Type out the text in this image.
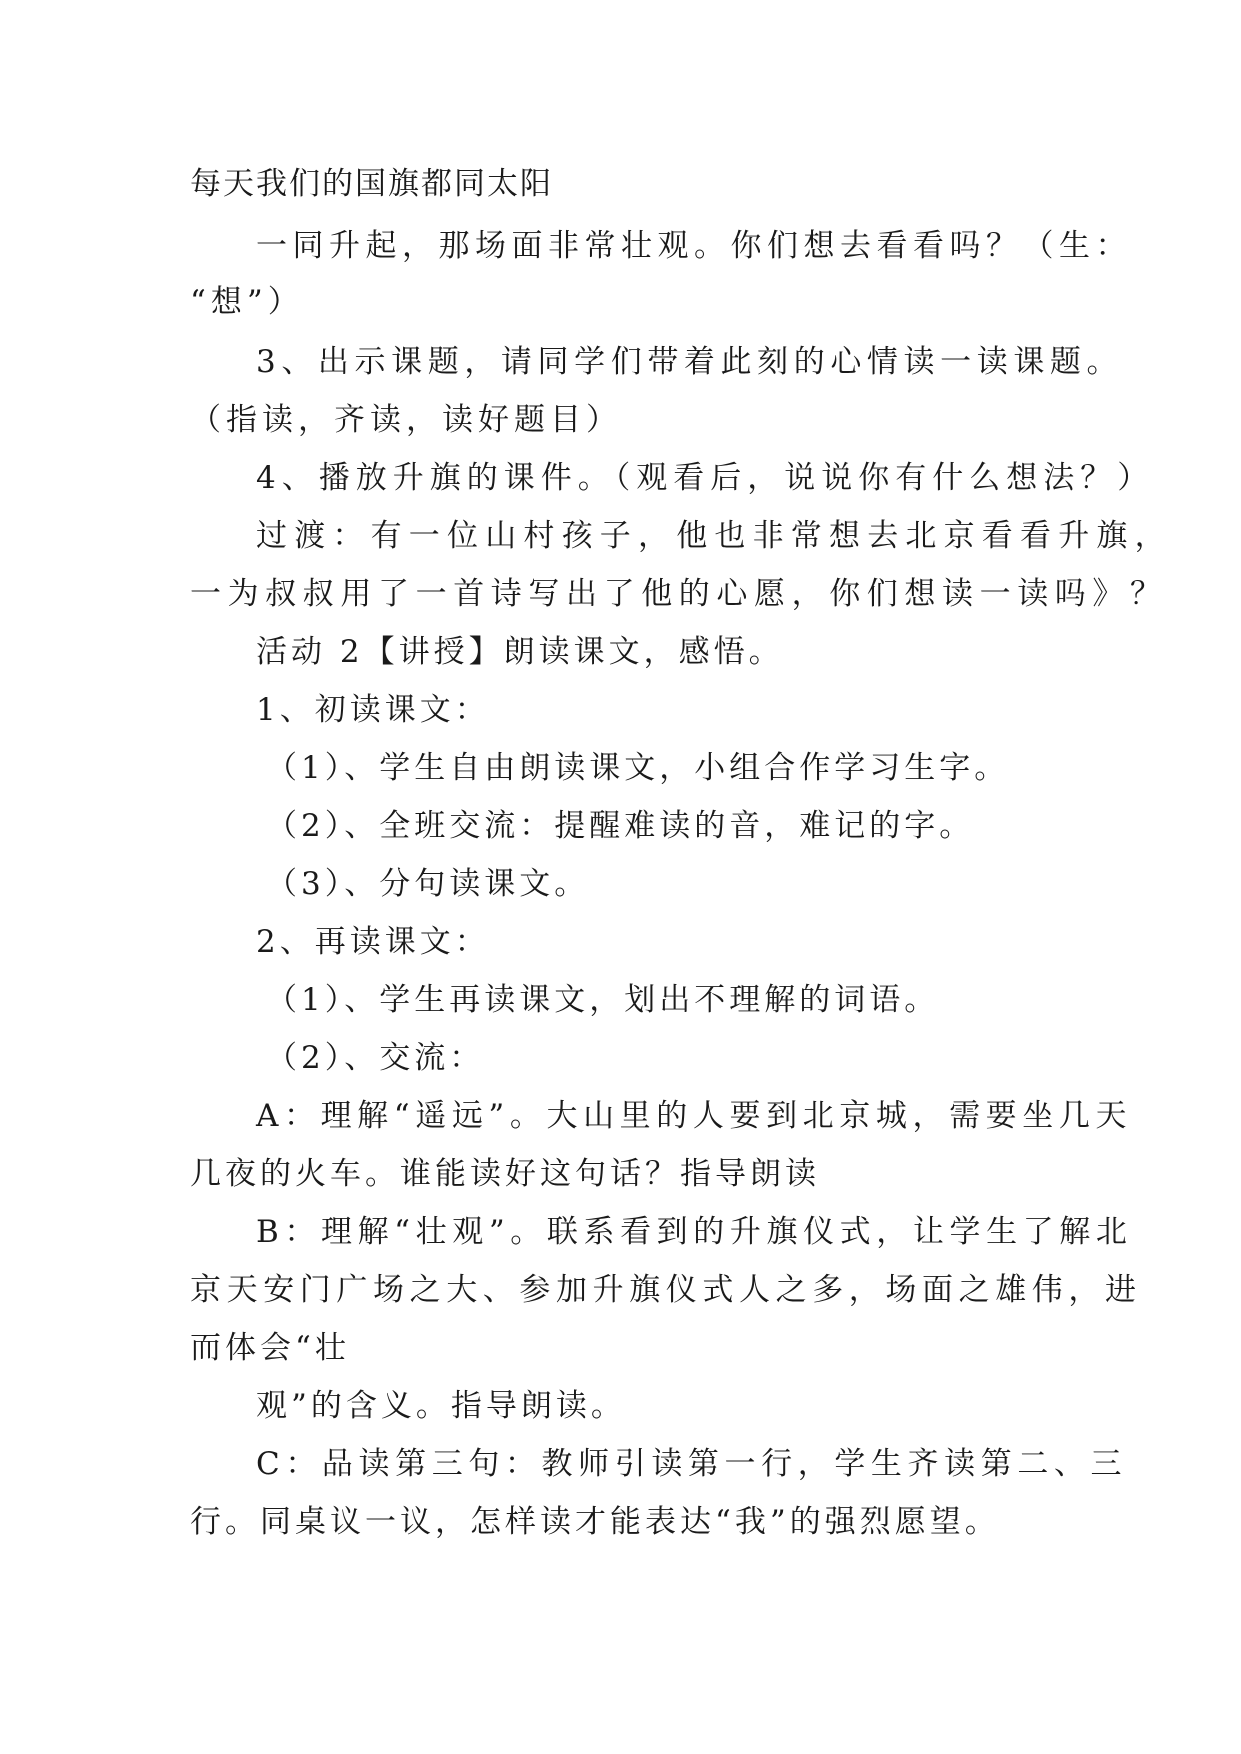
每天我们的国旗都同太阳
一同升起，那场面非常壮观。你们想去看看吗？（生：
“想”）
3、出示课题，请同学们带着此刻的心情读一读课题。
（指读，齐读，读好题目）
4、播放升旗的课件。（观看后，说说你有什么想法？）
过渡：有一位山村孩子，他也非常想去北京看看升旗，
一为叔叔用了一首诗写出了他的心愿，你们想读一读吗》？
活动 2【讲授】朗读课文，感悟。
1、初读课文：
（1）、学生自由朗读课文，小组合作学习生字。
（2）、全班交流：提醒难读的音，难记的字。
（3）、分句读课文。
2、再读课文：
（1）、学生再读课文，划出不理解的词语。
（2）、交流：
A：理解“遥远”。大山里的人要到北京城，需要坐几天
几夜的火车。谁能读好这句话？指导朗读
B：理解“壮观”。联系看到的升旗仪式，让学生了解北
京天安门广场之大、参加升旗仪式人之多，场面之雄伟，进
而体会“壮
观”的含义。指导朗读。
C：品读第三句：教师引读第一行，学生齐读第二、三
行。同桌议一议，怎样读才能表达“我”的强烈愿望。
